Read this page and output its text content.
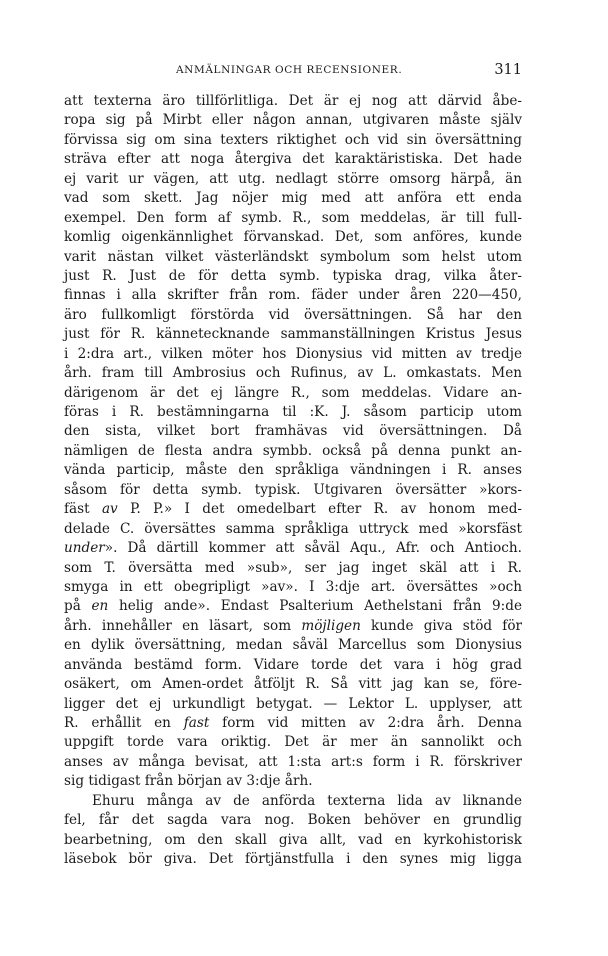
ANMÄLNINGAR OCH RECENSIONER.	311
att texterna äro tillförlitliga. Det är ej nog att därvid åbe-
ropa sig på Mirbt eller någon annan, utgivaren måste själv
förvissa sig om sina texters riktighet och vid sin översättning
sträva efter att noga återgiva det karaktäristiska. Det hade
ej varit ur vägen, att utg. nedlagt större omsorg härpå, än
vad som skett. Jag nöjer mig med att anföra ett enda
exempel. Den form af symb. R., som meddelas, är till full-
komlig oigenkännlighet förvanskad. Det, som anföres, kunde
varit nästan vilket västerländskt symbolum som helst utom
just R. Just de för detta symb. typiska drag, vilka åter-
finnas i alla skrifter från rom. fäder under åren 220—450,
äro fullkomligt förstörda vid översättningen. Så har den
just för R. kännetecknande sammanställningen Kristus Jesus
i 2:dra art., vilken möter hos Dionysius vid mitten av tredje
årh. fram till Ambrosius och Rufinus, av L. omkastats. Men
därigenom är det ej längre R., som meddelas. Vidare an-
föras i R. bestämningarna til :K. J. såsom particip utom
den sista, vilket bort framhävas vid översättningen. Då
nämligen de flesta andra symbb. också på denna punkt an-
vända particip, måste den språkliga vändningen i R. anses
såsom för detta symb. typisk. Utgivaren översätter »kors-
fäst av P. P.» I det omedelbart efter R. av honom med-
delade C. översättes samma språkliga uttryck med »korsfäst
under». Då därtill kommer att såväl Aqu., Afr. och Antioch.
som T. översätta med »sub», ser jag inget skäl att i R.
smyga in ett obegripligt »av». I 3:dje art. översättes »och
på en helig ande». Endast Psalterium Aethelstani från 9:de
årh. innehåller en läsart, som möjligen kunde giva stöd för
en dylik översättning, medan såväl Marcellus som Dionysius
använda bestämd form. Vidare torde det vara i hög grad
osäkert, om Amen-ordet åtföljt R. Så vitt jag kan se, före-
ligger det ej urkundligt betygat. — Lektor L. upplyser, att
R. erhållit en fast form vid mitten av 2:dra årh. Denna
uppgift torde vara oriktig. Det är mer än sannolikt och
anses av många bevisat, att 1:sta art:s form i R. förskriver
sig tidigast från början av 3:dje årh.
Ehuru många av de anförda texterna lida av liknande
fel, får det sagda vara nog. Boken behöver en grundlig
bearbetning, om den skall giva allt, vad en kyrkohistorisk
läsebok bör giva. Det förtjänstfulla i den synes mig ligga
